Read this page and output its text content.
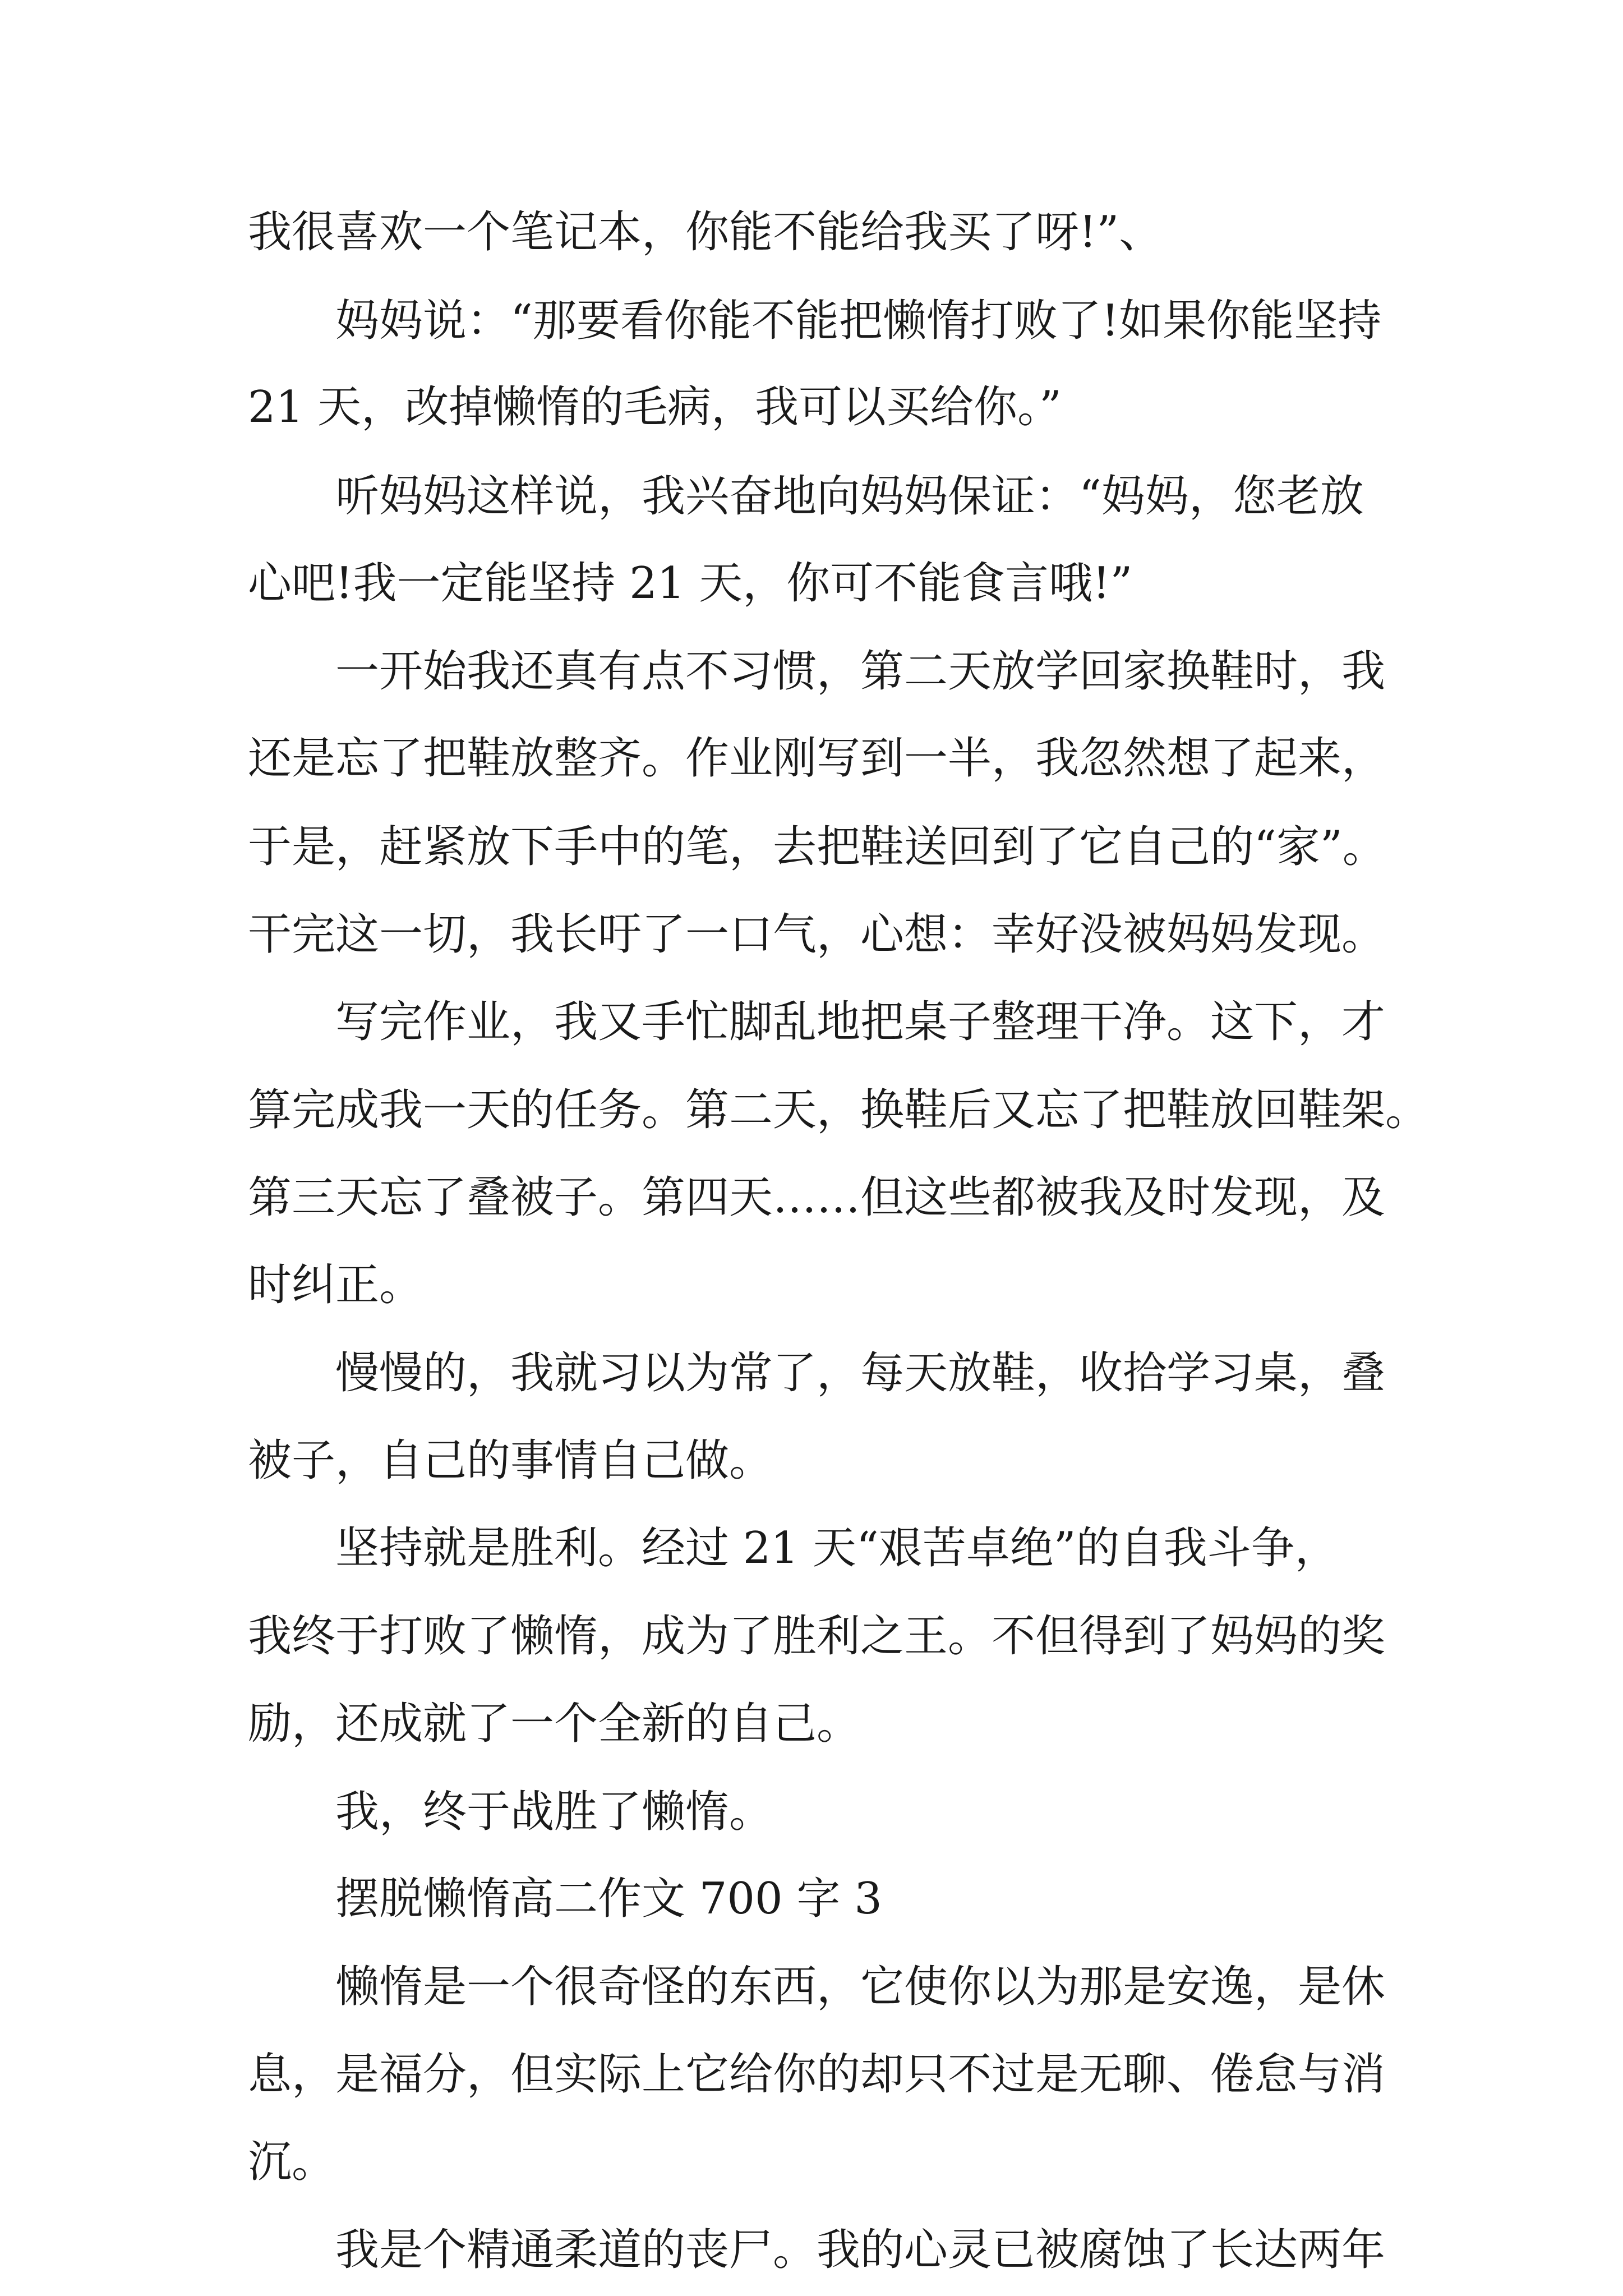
我很喜欢一个笔记本，你能不能给我买了呀!”、

妈妈说：“那要看你能不能把懒惰打败了!如果你能坚持

21 天，改掉懒惰的毛病，我可以买给你。”

听妈妈这样说，我兴奋地向妈妈保证：“妈妈，您老放

心吧!我一定能坚持 21 天，你可不能食言哦!”

一开始我还真有点不习惯，第二天放学回家换鞋时，我

还是忘了把鞋放整齐。作业刚写到一半，我忽然想了起来，

于是，赶紧放下手中的笔，去把鞋送回到了它自己的“家”。

干完这一切，我长吁了一口气，心想：幸好没被妈妈发现。

写完作业，我又手忙脚乱地把桌子整理干净。这下，才

算完成我一天的任务。第二天，换鞋后又忘了把鞋放回鞋架。

第三天忘了叠被子。第四天……但这些都被我及时发现，及

时纠正。

慢慢的，我就习以为常了，每天放鞋，收拾学习桌，叠

被子，自己的事情自己做。

坚持就是胜利。经过 21 天“艰苦卓绝”的自我斗争，

我终于打败了懒惰，成为了胜利之王。不但得到了妈妈的奖

励，还成就了一个全新的自己。

我，终于战胜了懒惰。

摆脱懒惰高二作文 700 字 3

懒惰是一个很奇怪的东西，它使你以为那是安逸，是休

息，是福分，但实际上它给你的却只不过是无聊、倦怠与消

沉。

我是个精通柔道的丧尸。我的心灵已被腐蚀了长达两年
